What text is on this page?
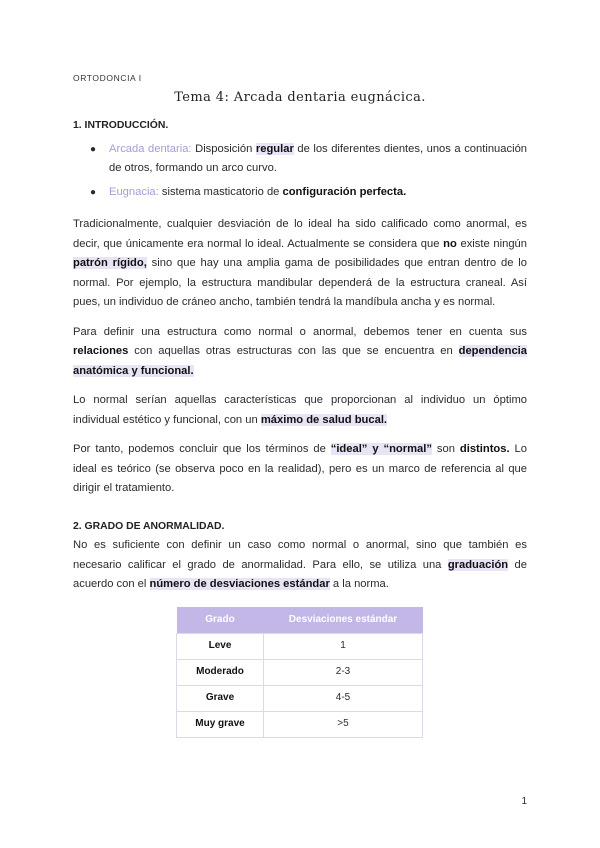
ORTODONCIA I
Tema 4: Arcada dentaria eugnácica.
1. INTRODUCCIÓN.
● Arcada dentaria: Disposición regular de los diferentes dientes, unos a continuación de otros, formando un arco curvo.
● Eugnacia: sistema masticatorio de configuración perfecta.

Tradicionalmente, cualquier desviación de lo ideal ha sido calificado como anormal, es decir, que únicamente era normal lo ideal. Actualmente se considera que no existe ningún patrón rígido, sino que hay una amplia gama de posibilidades que entran dentro de lo normal. Por ejemplo, la estructura mandibular dependerá de la estructura craneal. Así pues, un individuo de cráneo ancho, también tendrá la mandíbula ancha y es normal.

Para definir una estructura como normal o anormal, debemos tener en cuenta sus relaciones con aquellas otras estructuras con las que se encuentra en dependencia anatómica y funcional.

Lo normal serían aquellas características que proporcionan al individuo un óptimo individual estético y funcional, con un máximo de salud bucal.

Por tanto, podemos concluir que los términos de “ideal” y “normal” son distintos. Lo ideal es teórico (se observa poco en la realidad), pero es un marco de referencia al que dirigir el tratamiento.

2. GRADO DE ANORMALIDAD.

No es suficiente con definir un caso como normal o anormal, sino que también es necesario calificar el grado de anormalidad. Para ello, se utiliza una graduación de acuerdo con el número de desviaciones estándar a la norma.

Grado	Desviaciones estándar
Leve	1
Moderado	2-3
Grave	4-5
Muy grave	>5
1
